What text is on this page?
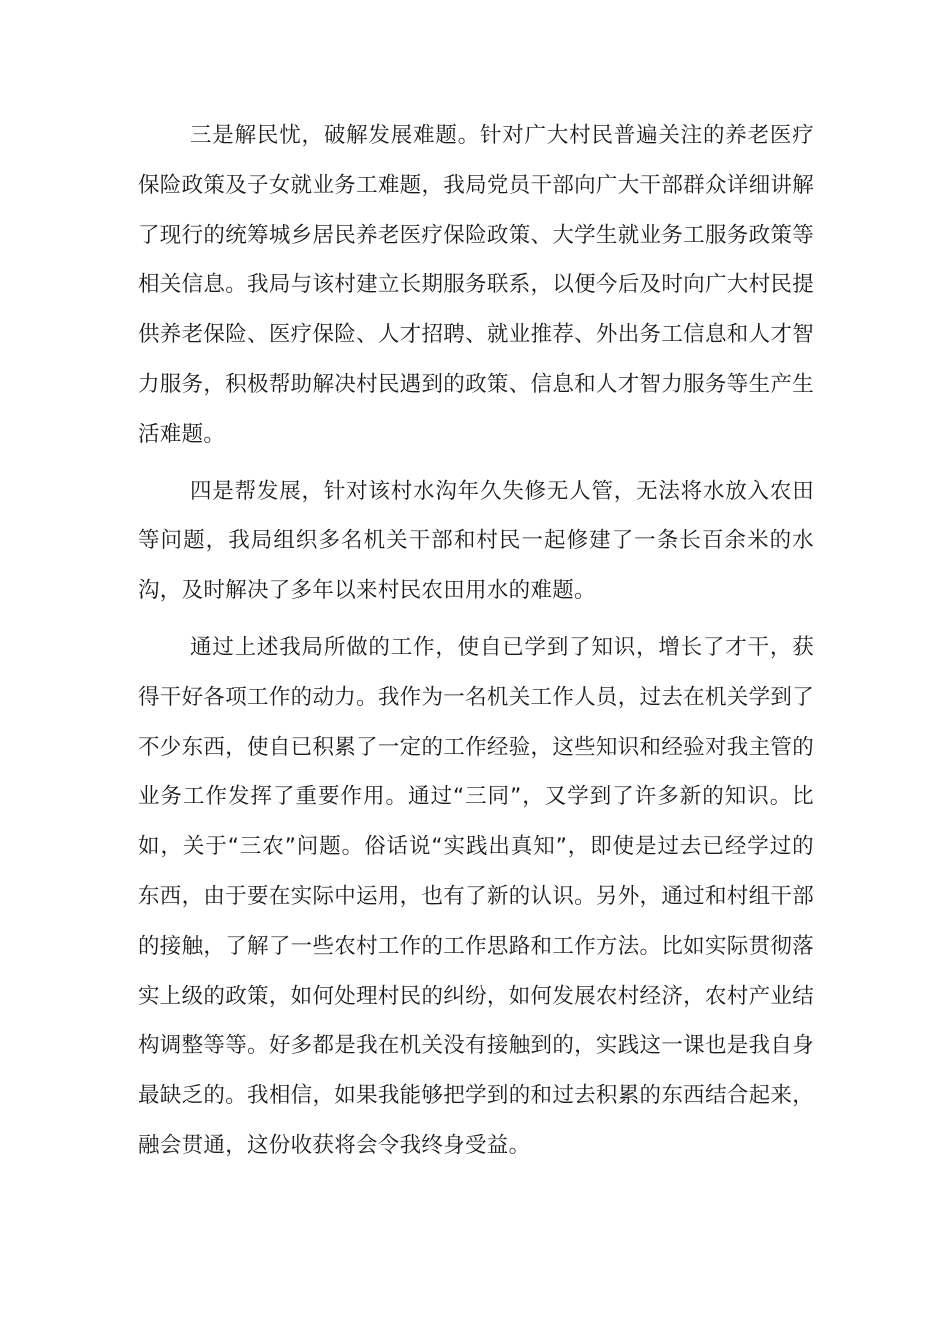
三是解民忧，破解发展难题。针对广大村民普遍关注的养老医疗保险政策及子女就业务工难题，我局党员干部向广大干部群众详细讲解了现行的统筹城乡居民养老医疗保险政策、大学生就业务工服务政策等相关信息。我局与该村建立长期服务联系，以便今后及时向广大村民提供养老保险、医疗保险、人才招聘、就业推荐、外出务工信息和人才智力服务，积极帮助解决村民遇到的政策、信息和人才智力服务等生产生活难题。

四是帮发展，针对该村水沟年久失修无人管，无法将水放入农田等问题，我局组织多名机关干部和村民一起修建了一条长百余米的水沟，及时解决了多年以来村民农田用水的难题。

通过上述我局所做的工作，使自已学到了知识，增长了才干，获得干好各项工作的动力。我作为一名机关工作人员，过去在机关学到了不少东西，使自已积累了一定的工作经验，这些知识和经验对我主管的业务工作发挥了重要作用。通过“三同”，又学到了许多新的知识。比如，关于“三农”问题。俗话说“实践出真知”，即使是过去已经学过的东西，由于要在实际中运用，也有了新的认识。另外，通过和村组干部的接触，了解了一些农村工作的工作思路和工作方法。比如实际贯彻落实上级的政策，如何处理村民的纠纷，如何发展农村经济，农村产业结构调整等等。好多都是我在机关没有接触到的，实践这一课也是我自身最缺乏的。我相信，如果我能够把学到的和过去积累的东西结合起来，融会贯通，这份收获将会令我终身受益。
